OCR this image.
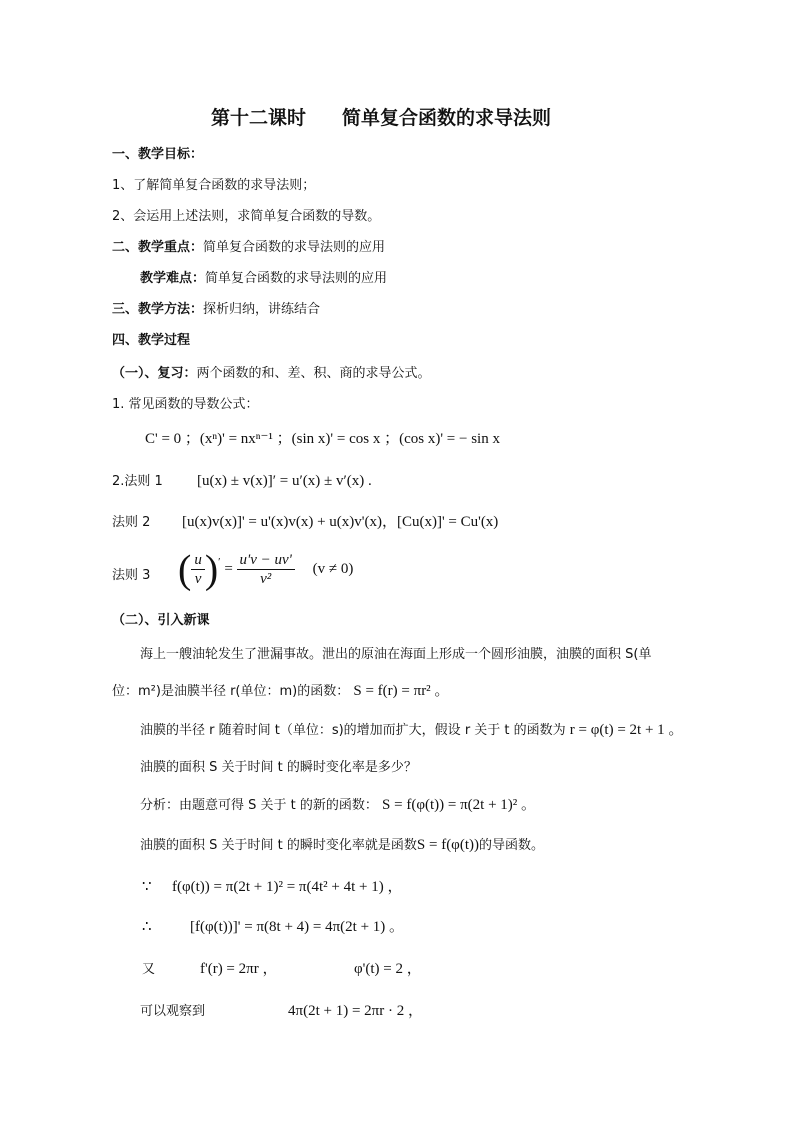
第十二课时 简单复合函数的求导法则
一、教学目标：
1、了解简单复合函数的求导法则；
2、会运用上述法则，求简单复合函数的导数。
二、教学重点：简单复合函数的求导法则的应用
教学难点：简单复合函数的求导法则的应用
三、教学方法：探析归纳，讲练结合
四、教学过程
（一）、复习：两个函数的和、差、积、商的求导公式。
1. 常见函数的导数公式：
C' = 0 ；(xⁿ)' = nxⁿ⁻¹ ；(sin x)' = cos x ；(cos x)' = − sin x
2.法则 1 [u(x) ± v(x)]′ = u′(x) ± v′(x) .
法则 2 [u(x)v(x)]' = u'(x)v(x) + u(x)v'(x)，[Cu(x)]' = Cu'(x)
法则 3 ( $\frac{u}{v} )' = \frac{u'v - uv'}{\text{v²}} (v \ne 0)$
（二）、引入新课
海上一艘油轮发生了泄漏事故。泄出的原油在海面上形成一个圆形油膜，油膜的面积 S(单
位：m²)是油膜半径 r(单位：m)的函数： S = f(r) = πr² 。
油膜的半径 r 随着时间 t（单位：s)的增加而扩大，假设 r 关于 t 的函数为 r = φ(t) = 2t + 1 。
油膜的面积 S 关于时间 t 的瞬时变化率是多少？
分析：由题意可得 S 关于 t 的新的函数： S = f(φ(t)) = π(2t + 1)² 。
油膜的面积 S 关于时间 t 的瞬时变化率就是函数S = f(φ(t))的导函数。
∵ f(φ(t)) = π(2t + 1)² = π(4t² + 4t + 1) ，
∴	[f(φ(t))]' = π(8t + 4) = 4π(2t + 1) 。
又	f'(r) = 2πr ，	φ'(t) = 2 ，
可以观察到	4π(2t + 1) = 2πr · 2 ，
